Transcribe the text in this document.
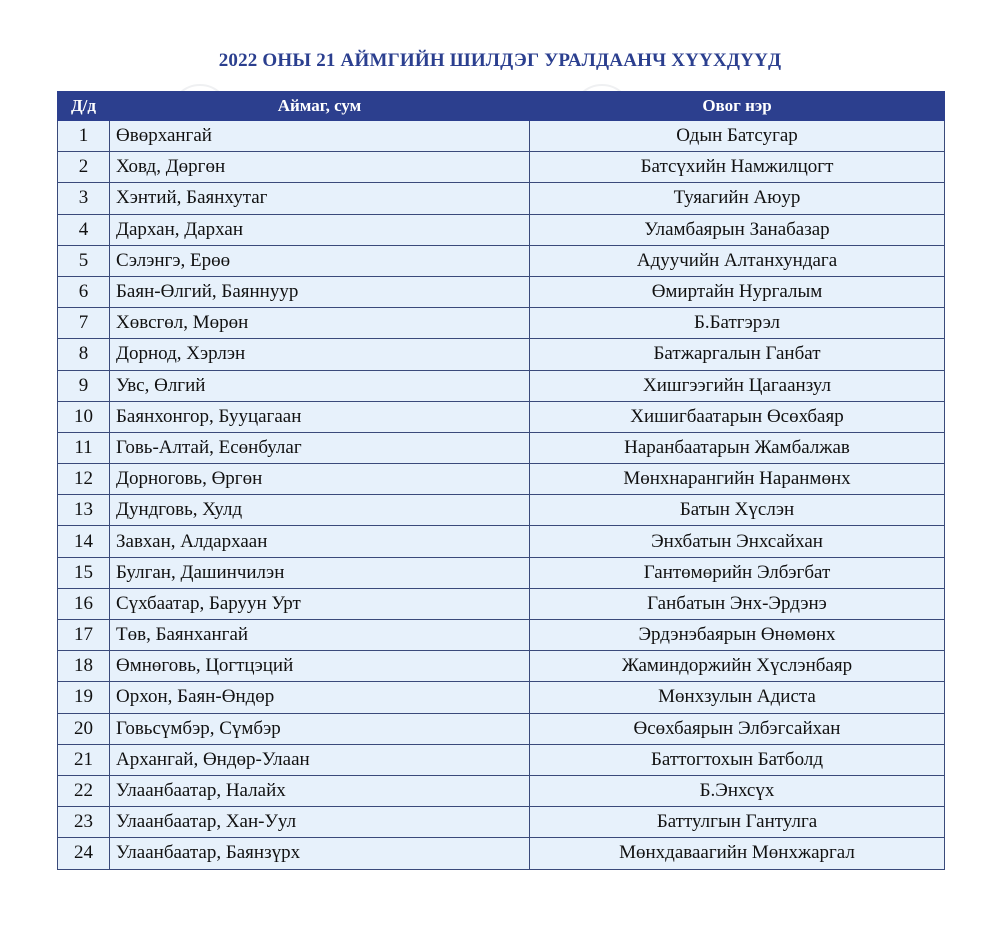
2022 ОНЫ 21 АЙМГИЙН ШИЛДЭГ УРАЛДААНЧ ХҮҮХДҮҮД
Д/д	Аймаг, сум	Овог нэр
1	Өвөрхангай	Одын Батсугар
2	Ховд, Дөргөн	Батсүхийн Намжилцогт
3	Хэнтий, Баянхутаг	Туяагийн Аюур
4	Дархан, Дархан	Уламбаярын Занабазар
5	Сэлэнгэ, Ерөө	Адуучийн Алтанхундага
6	Баян-Өлгий, Баяннуур	Өмиртайн Нургалым
7	Хөвсгөл, Мөрөн	Б.Батгэрэл
8	Дорнод, Хэрлэн	Батжаргалын Ганбат
9	Увс, Өлгий	Хишгээгийн Цагаанзул
10	Баянхонгор, Бууцагаан	Хишигбаатарын Өсөхбаяр
11	Говь-Алтай, Есөнбулаг	Наранбаатарын Жамбалжав
12	Дорноговь, Өргөн	Мөнхнарангийн Наранмөнх
13	Дундговь, Хулд	Батын Хүслэн
14	Завхан, Алдархаан	Энхбатын Энхсайхан
15	Булган, Дашинчилэн	Гантөмөрийн Элбэгбат
16	Сүхбаатар, Баруун Урт	Ганбатын Энх-Эрдэнэ
17	Төв, Баянхангай	Эрдэнэбаярын Өнөмөнх
18	Өмнөговь, Цогтцэций	Жаминдоржийн Хүслэнбаяр
19	Орхон, Баян-Өндөр	Мөнхзулын Адиста
20	Говьсүмбэр, Сүмбэр	Өсөхбаярын Элбэгсайхан
21	Архангай, Өндөр-Улаан	Баттогтохын Батболд
22	Улаанбаатар, Налайх	Б.Энхсүх
23	Улаанбаатар, Хан-Уул	Баттулгын Гантулга
24	Улаанбаатар, Баянзүрх	Мөнхдаваагийн Мөнхжаргал
